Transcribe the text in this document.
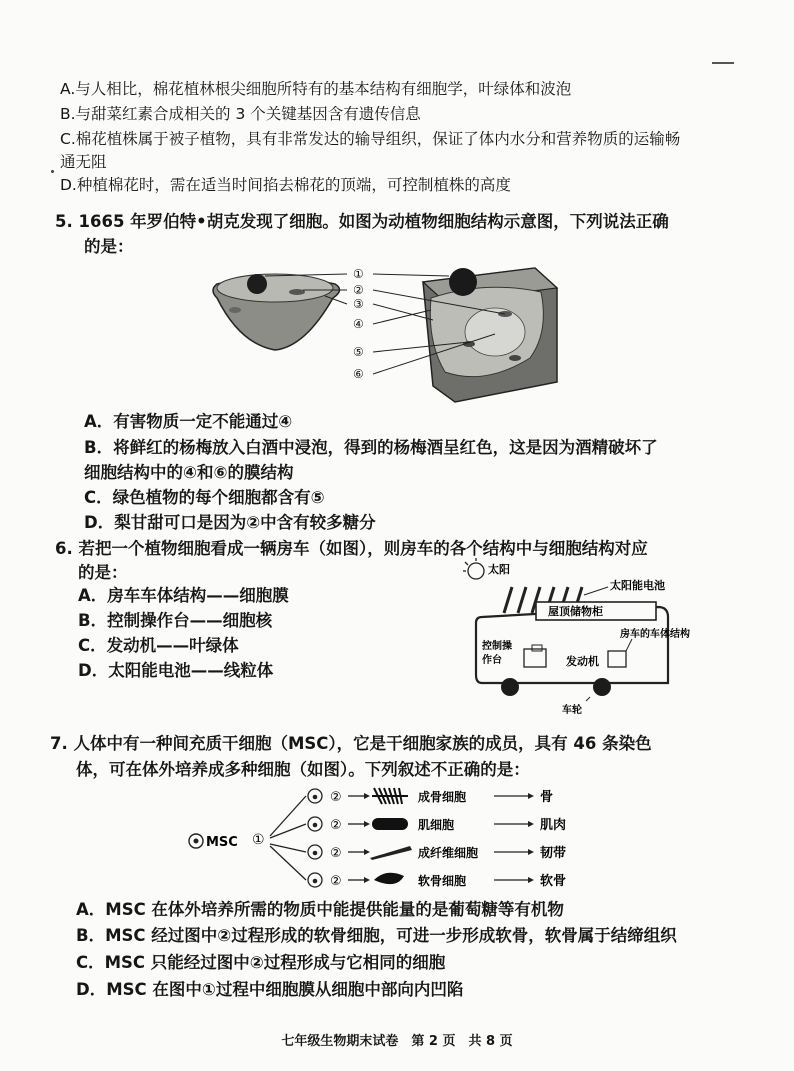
A.与人相比，棉花植林根尖细胞所特有的基本结构有细胞学，叶绿体和波泡
B.与甜菜红素合成相关的 3 个关键基因含有遗传信息
C.棉花植株属于被子植物，具有非常发达的输导组织，保证了体内水分和营养物质的运输畅
通无阻
D.种植棉花时，需在适当时间掐去棉花的顶端，可控制植株的高度
5. 1665 年罗伯特•胡克发现了细胞。如图为动植物细胞结构示意图，下列说法正确
的是：
①
②
③
④
⑤
⑥
A．有害物质一定不能通过④
B．将鲜红的杨梅放入白酒中浸泡，得到的杨梅酒呈红色，这是因为酒精破坏了
细胞结构中的④和⑥的膜结构
C．绿色植物的每个细胞都含有⑤
D．梨甘甜可口是因为②中含有较多糖分
6. 若把一个植物细胞看成一辆房车（如图），则房车的各个结构中与细胞结构对应
的是：
A．房车车体结构——细胞膜
B．控制操作台——细胞核
C．发动机——叶绿体
D．太阳能电池——线粒体
太阳
太阳能电池
屋顶储物柜
房车的车体结构
控制操
作台	发动机
车轮
7. 人体中有一种间充质干细胞（MSC），它是干细胞家族的成员，具有 46 条染色
体，可在体外培养成多种细胞（如图）。下列叙述不正确的是：
MSC ①
②	成骨细胞	骨
②	肌细胞	肌肉
②	成纤维细胞	韧带
②	软骨细胞	软骨
A．MSC 在体外培养所需的物质中能提供能量的是葡萄糖等有机物
B．MSC 经过图中②过程形成的软骨细胞，可进一步形成软骨，软骨属于结缔组织
C．MSC 只能经过图中②过程形成与它相同的细胞
D．MSC 在图中①过程中细胞膜从细胞中部向内凹陷
七年级生物期末试卷　第 2 页　共 8 页
